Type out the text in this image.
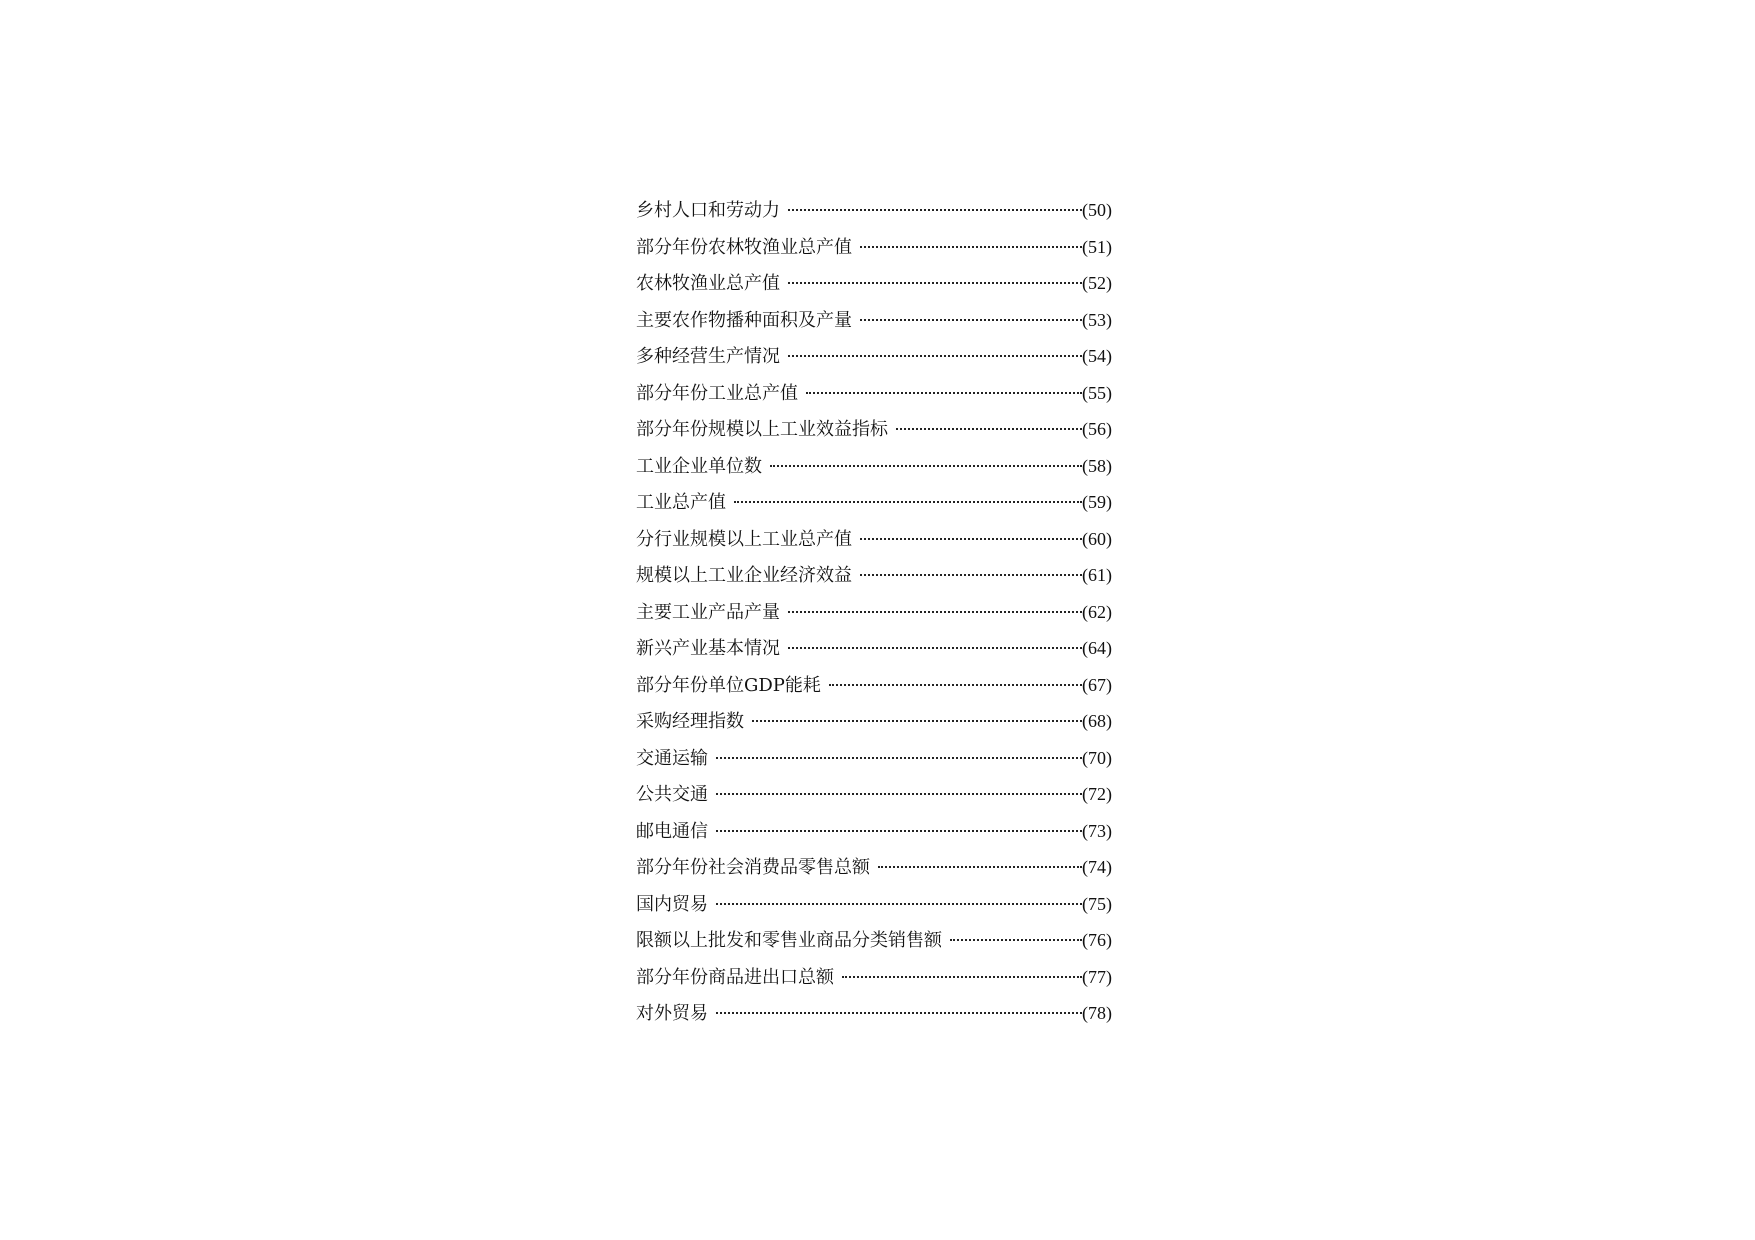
乡村人口和劳动力	(50)
部分年份农林牧渔业总产值	(51)
农林牧渔业总产值	(52)
主要农作物播种面积及产量	(53)
多种经营生产情况	(54)
部分年份工业总产值	(55)
部分年份规模以上工业效益指标	(56)
工业企业单位数	(58)
工业总产值	(59)
分行业规模以上工业总产值	(60)
规模以上工业企业经济效益	(61)
主要工业产品产量	(62)
新兴产业基本情况	(64)
部分年份单位GDP能耗	(67)
采购经理指数	(68)
交通运输	(70)
公共交通	(72)
邮电通信	(73)
部分年份社会消费品零售总额	(74)
国内贸易	(75)
限额以上批发和零售业商品分类销售额	(76)
部分年份商品进出口总额	(77)
对外贸易	(78)
